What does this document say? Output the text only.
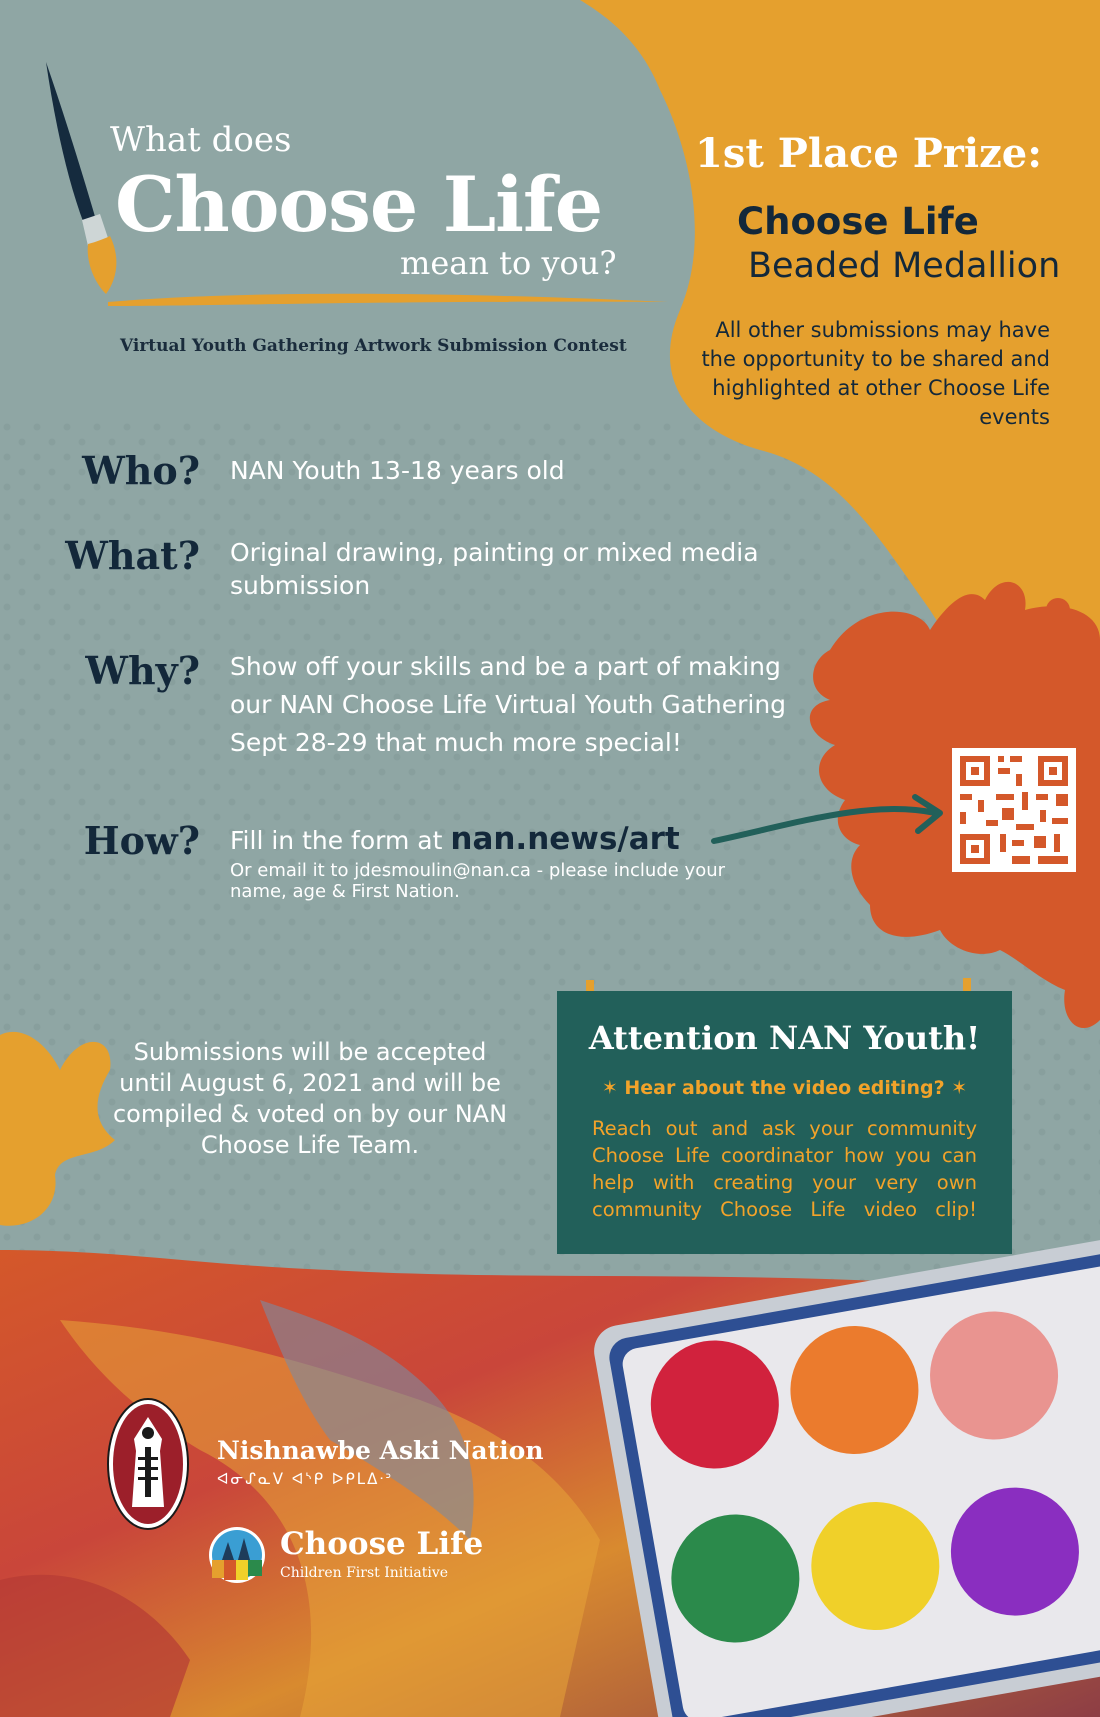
What does
Choose Life
mean to you?
Virtual Youth Gathering Artwork Submission Contest
1st Place Prize:
Choose Life
Beaded Medallion
All other submissions may have the opportunity to be shared and highlighted at other Choose Life events
Who? NAN Youth 13-18 years old
What? Original drawing, painting or mixed media submission
Why? Show off your skills and be a part of making our NAN Choose Life Virtual Youth Gathering Sept 28-29 that much more special!
How? Fill in the form at nan.news/art
Or email it to jdesmoulin@nan.ca - please include your name, age & First Nation.
Submissions will be accepted until August 6, 2021 and will be compiled & voted on by our NAN Choose Life Team.
Attention NAN Youth!
✶ Hear about the video editing? ✶
Reach out and ask your community Choose Life coordinator how you can help with creating your very own community Choose Life video clip!
Nishnawbe Aski Nation
ᐊᓂᔑᓇᐯ ᐊᔅᑭ ᐅᑭᒪᐃᐧᐣ
Choose Life
Children First Initiative
